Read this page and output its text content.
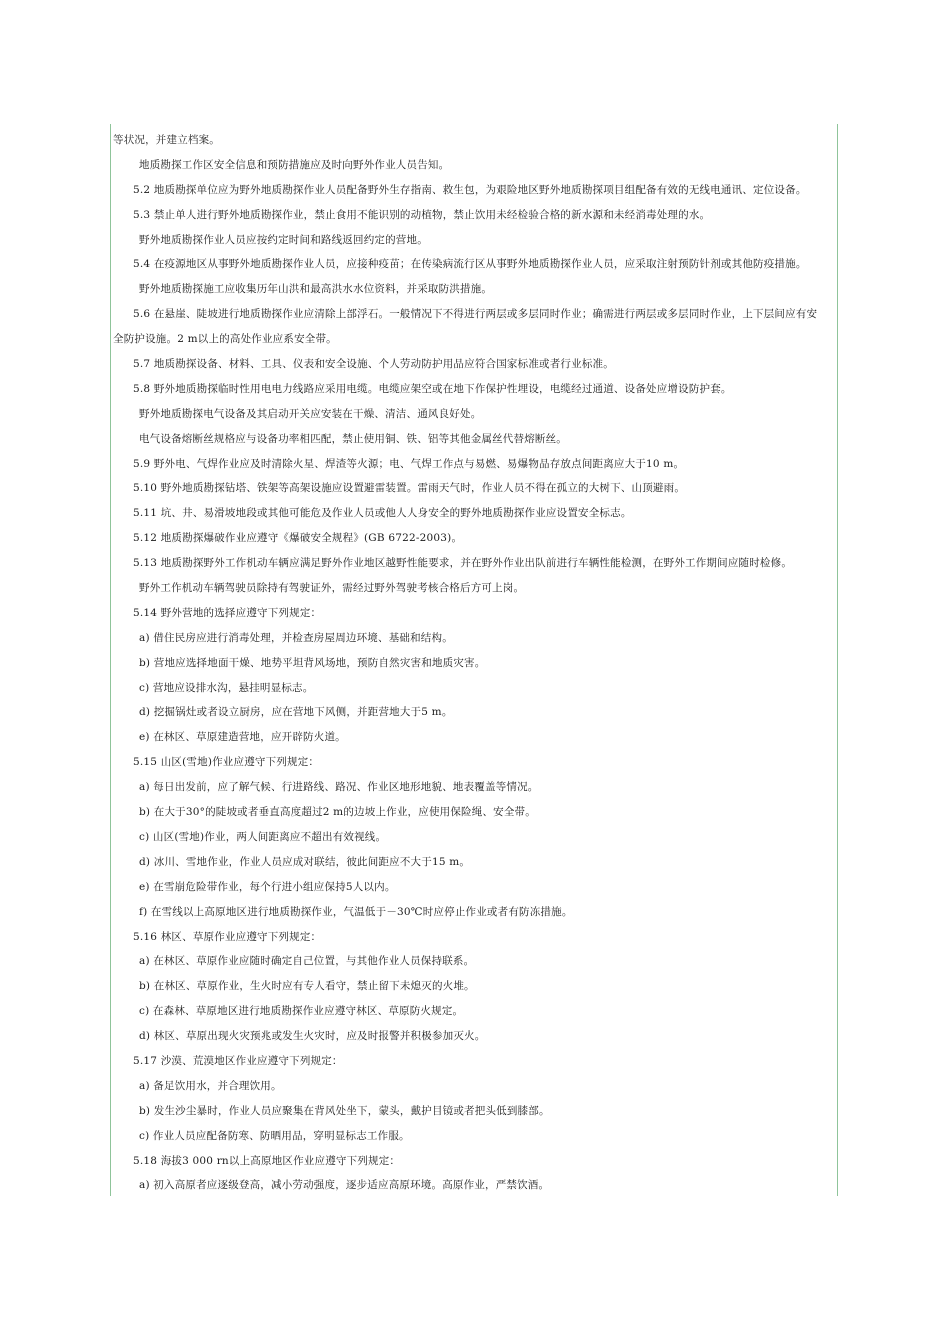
等状况，并建立档案。
地质勘探工作区安全信息和预防措施应及时向野外作业人员告知。
5.2 地质勘探单位应为野外地质勘探作业人员配备野外生存指南、救生包，为艰险地区野外地质勘探项目组配备有效的无线电通讯、定位设备。
5.3 禁止单人进行野外地质勘探作业，禁止食用不能识别的动植物，禁止饮用未经检验合格的新水源和未经消毒处理的水。
野外地质勘探作业人员应按约定时间和路线返回约定的营地。
5.4 在疫源地区从事野外地质勘探作业人员，应接种疫苗；在传染病流行区从事野外地质勘探作业人员，应采取注射预防针剂或其他防疫措施。
野外地质勘探施工应收集历年山洪和最高洪水水位资料，并采取防洪措施。
5.6 在悬崖、陡坡进行地质勘探作业应清除上部浮石。一般情况下不得进行两层或多层同时作业；确需进行两层或多层同时作业，上下层间应有安
全防护设施。2 m以上的高处作业应系安全带。
5.7 地质勘探设备、材料、工具、仪表和安全设施、个人劳动防护用品应符合国家标准或者行业标准。
5.8 野外地质勘探临时性用电电力线路应采用电缆。电缆应架空或在地下作保护性埋设，电缆经过通道、设备处应增设防护套。
野外地质勘探电气设备及其启动开关应安装在干燥、清洁、通风良好处。
电气设备熔断丝规格应与设备功率相匹配，禁止使用铜、铁、铝等其他金属丝代替熔断丝。
5.9 野外电、气焊作业应及时清除火星、焊渣等火源；电、气焊工作点与易燃、易爆物品存放点间距离应大于10 m。
5.10 野外地质勘探钻塔、铁架等高架设施应设置避雷装置。雷雨天气时，作业人员不得在孤立的大树下、山顶避雨。
5.11 坑、井、易滑坡地段或其他可能危及作业人员或他人人身安全的野外地质勘探作业应设置安全标志。
5.12 地质勘探爆破作业应遵守《爆破安全规程》(GB 6722-2003)。
5.13 地质勘探野外工作机动车辆应满足野外作业地区越野性能要求，并在野外作业出队前进行车辆性能检测，在野外工作期间应随时检修。
野外工作机动车辆驾驶员除持有驾驶证外，需经过野外驾驶考核合格后方可上岗。
5.14 野外营地的选择应遵守下列规定：
a) 借住民房应进行消毒处理，并检查房屋周边环境、基础和结构。
b) 营地应选择地面干燥、地势平坦背风场地，预防自然灾害和地质灾害。
c) 营地应设排水沟，悬挂明显标志。
d) 挖掘锅灶或者设立厨房，应在营地下风侧，并距营地大于5 m。
e) 在林区、草原建造营地，应开辟防火道。
5.15 山区(雪地)作业应遵守下列规定：
a) 每日出发前，应了解气候、行进路线、路况、作业区地形地貌、地表覆盖等情况。
b) 在大于30°的陡坡或者垂直高度超过2 m的边坡上作业，应使用保险绳、安全带。
c) 山区(雪地)作业，两人间距离应不超出有效视线。
d) 冰川、雪地作业，作业人员应成对联结，彼此间距应不大于15 m。
e) 在雪崩危险带作业，每个行进小组应保持5人以内。
f) 在雪线以上高原地区进行地质勘探作业，气温低于－30℃时应停止作业或者有防冻措施。
5.16 林区、草原作业应遵守下列规定：
a) 在林区、草原作业应随时确定自己位置，与其他作业人员保持联系。
b) 在林区、草原作业，生火时应有专人看守，禁止留下未熄灭的火堆。
c) 在森林、草原地区进行地质勘探作业应遵守林区、草原防火规定。
d) 林区、草原出现火灾预兆或发生火灾时，应及时报警并积极参加灭火。
5.17 沙漠、荒漠地区作业应遵守下列规定：
a) 备足饮用水，并合理饮用。
b) 发生沙尘暴时，作业人员应聚集在背风处坐下，蒙头，戴护目镜或者把头低到膝部。
c) 作业人员应配备防寒、防晒用品，穿明显标志工作服。
5.18 海拔3 000 rn以上高原地区作业应遵守下列规定：
a) 初入高原者应逐级登高，减小劳动强度，逐步适应高原环境。高原作业，严禁饮酒。
